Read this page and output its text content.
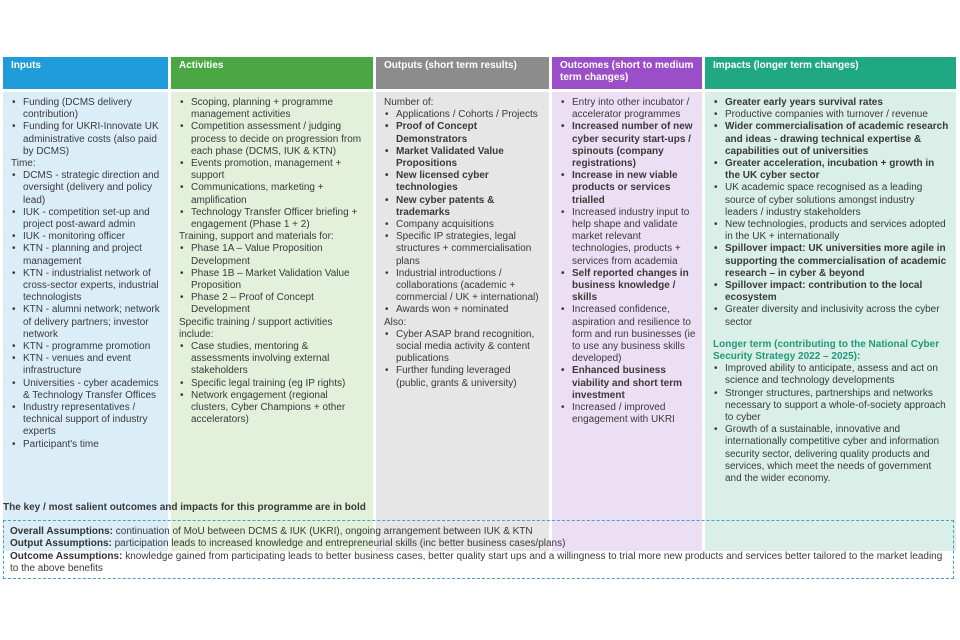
Inputs
• Funding (DCMS delivery contribution)
• Funding for UKRI-Innovate UK administrative costs (also paid by DCMS)

Time:

• DCMS - strategic direction and oversight (delivery and policy lead)
• IUK - competition set-up and project post-award admin
• IUK - monitoring officer
• KTN - planning and project management
• KTN - industrialist network of cross-sector experts, industrial technologists
• KTN - alumni network; network of delivery partners; investor network
• KTN - programme promotion
• KTN - venues and event infrastructure
• Universities - cyber academics & Technology Transfer Offices
• Industry representatives / technical support of industry experts
• Participant's time
Activities
• Scoping, planning + programme management activities
• Competition assessment / judging process to decide on progression from each phase (DCMS, IUK & KTN)
• Events promotion, management + support
• Communications, marketing + amplification
• Technology Transfer Officer briefing + engagement (Phase 1 + 2)

Training, support and materials for:

• Phase 1A – Value Proposition Development
• Phase 1B – Market Validation Value Proposition
• Phase 2 – Proof of Concept Development

Specific training / support activities include:

• Case studies, mentoring & assessments involving external stakeholders
• Specific legal training (eg IP rights)
• Network engagement (regional clusters, Cyber Champions + other accelerators)
Outputs (short term results)

Number of:

• Applications / Cohorts / Projects
• Proof of Concept Demonstrators
• Market Validated Value Propositions
• New licensed cyber technologies
• New cyber patents & trademarks
• Company acquisitions
• Specific IP strategies, legal structures + commercialisation plans
• Industrial introductions / collaborations (academic + commercial / UK + international)
• Awards won + nominated

Also:

• Cyber ASAP brand recognition, social media activity & content publications
• Further funding leveraged (public, grants & university)
Outcomes (short to medium term changes)
• Entry into other incubator / accelerator programmes
• Increased number of new cyber security start-ups / spinouts (company registrations)
• Increase in new viable products or services trialled
• Increased industry input to help shape and validate market relevant technologies, products + services from academia
• Self reported changes in business knowledge / skills
• Increased confidence, aspiration and resilience to form and run businesses (ie to use any business skills developed)
• Enhanced business viability and short term investment
• Increased / improved engagement with UKRI
Impacts (longer term changes)
• Greater early years survival rates
• Productive companies with turnover / revenue
• Wider commercialisation of academic research and ideas - drawing technical expertise & capabilities out of universities
• Greater acceleration, incubation + growth in the UK cyber sector
• UK academic space recognised as a leading source of cyber solutions amongst industry leaders / industry stakeholders
• New technologies, products and services adopted in the UK + internationally
• Spillover impact: UK universities more agile in supporting the commercialisation of academic research – in cyber & beyond
• Spillover impact: contribution to the local ecosystem
• Greater diversity and inclusivity across the cyber sector

Longer term (contributing to the National Cyber Security Strategy 2022 – 2025):

• Improved ability to anticipate, assess and act on science and technology developments
• Stronger structures, partnerships and networks necessary to support a whole-of-society approach to cyber
• Growth of a sustainable, innovative and internationally competitive cyber and information security sector, delivering quality products and services, which meet the needs of government and the wider economy.
The key / most salient outcomes and impacts for this programme are in bold
Overall Assumptions: continuation of MoU between DCMS & IUK (UKRI), ongoing arrangement between IUK & KTN
Output Assumptions: participation leads to increased knowledge and entrepreneurial skills (inc better business cases/plans)
Outcome Assumptions: knowledge gained from participating leads to better business cases, better quality start ups and a willingness to trial more new products and services better tailored to the market leading to the above benefits
